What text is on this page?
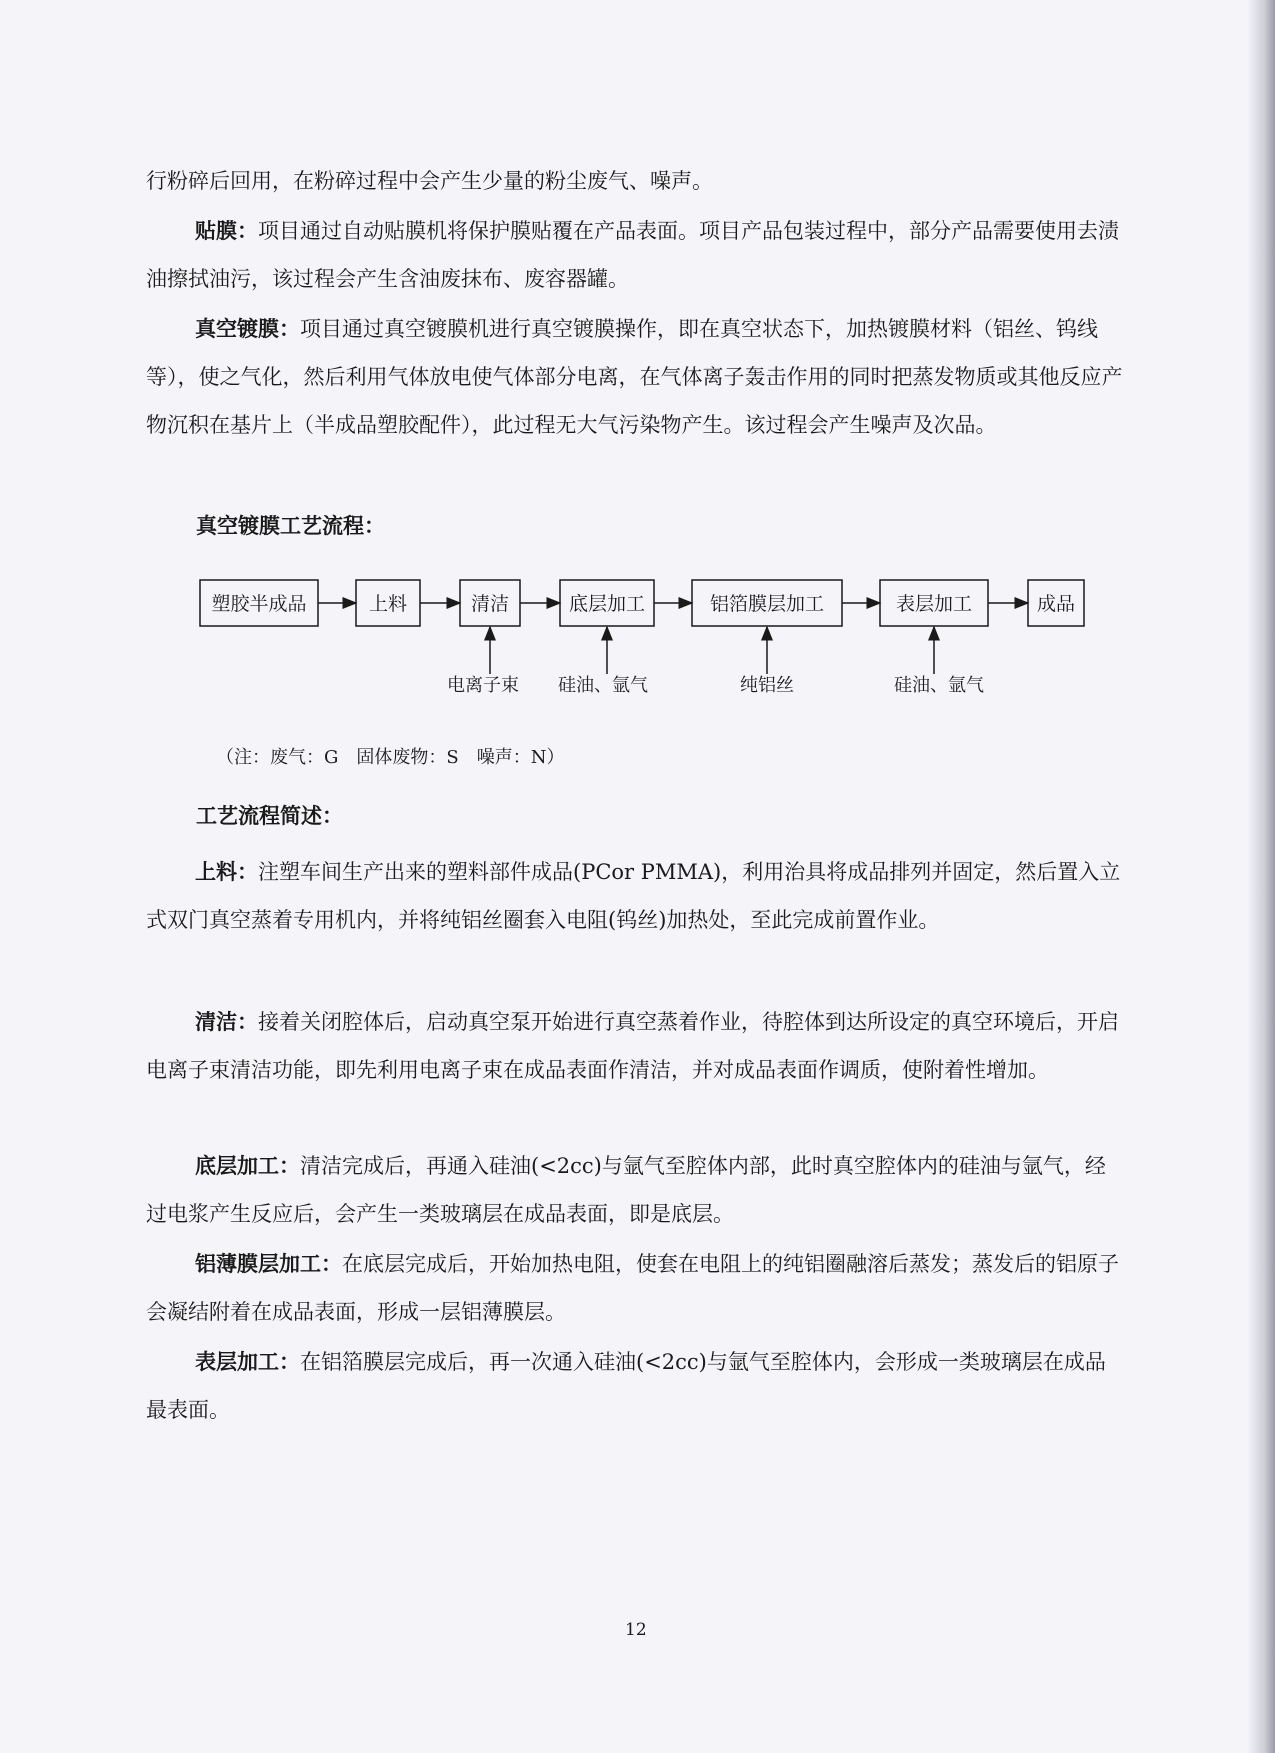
行粉碎后回用，在粉碎过程中会产生少量的粉尘废气、噪声。

贴膜：项目通过自动贴膜机将保护膜贴覆在产品表面。项目产品包装过程中，部分产品需要使用去渍油擦拭油污，该过程会产生含油废抹布、废容器罐。

真空镀膜：项目通过真空镀膜机进行真空镀膜操作，即在真空状态下，加热镀膜材料（铝丝、钨线等），使之气化，然后利用气体放电使气体部分电离，在气体离子轰击作用的同时把蒸发物质或其他反应产物沉积在基片上（半成品塑胶配件），此过程无大气污染物产生。该过程会产生噪声及次品。

真空镀膜工艺流程：

塑胶半成品	上料	清洁	底层加工	铝箔膜层加工	表层加工	成品
电离子束 硅油、氩气	纯铝丝	硅油、氩气
（注：废气：G　固体废物：S　噪声：N）

工艺流程简述：

上料：注塑车间生产出来的塑料部件成品(PCor PMMA)，利用治具将成品排列并固定，然后置入立式双门真空蒸着专用机内，并将纯铝丝圈套入电阻(钨丝)加热处，至此完成前置作业。

清洁：接着关闭腔体后，启动真空泵开始进行真空蒸着作业，待腔体到达所设定的真空环境后，开启电离子束清洁功能，即先利用电离子束在成品表面作清洁，并对成品表面作调质，使附着性增加。

底层加工：清洁完成后，再通入硅油(<2cc)与氩气至腔体内部，此时真空腔体内的硅油与氩气，经过电浆产生反应后，会产生一类玻璃层在成品表面，即是底层。

铝薄膜层加工：在底层完成后，开始加热电阻，使套在电阻上的纯铝圈融溶后蒸发；蒸发后的铝原子会凝结附着在成品表面，形成一层铝薄膜层。

表层加工：在铝箔膜层完成后，再一次通入硅油(<2cc)与氩气至腔体内，会形成一类玻璃层在成品最表面。

12
